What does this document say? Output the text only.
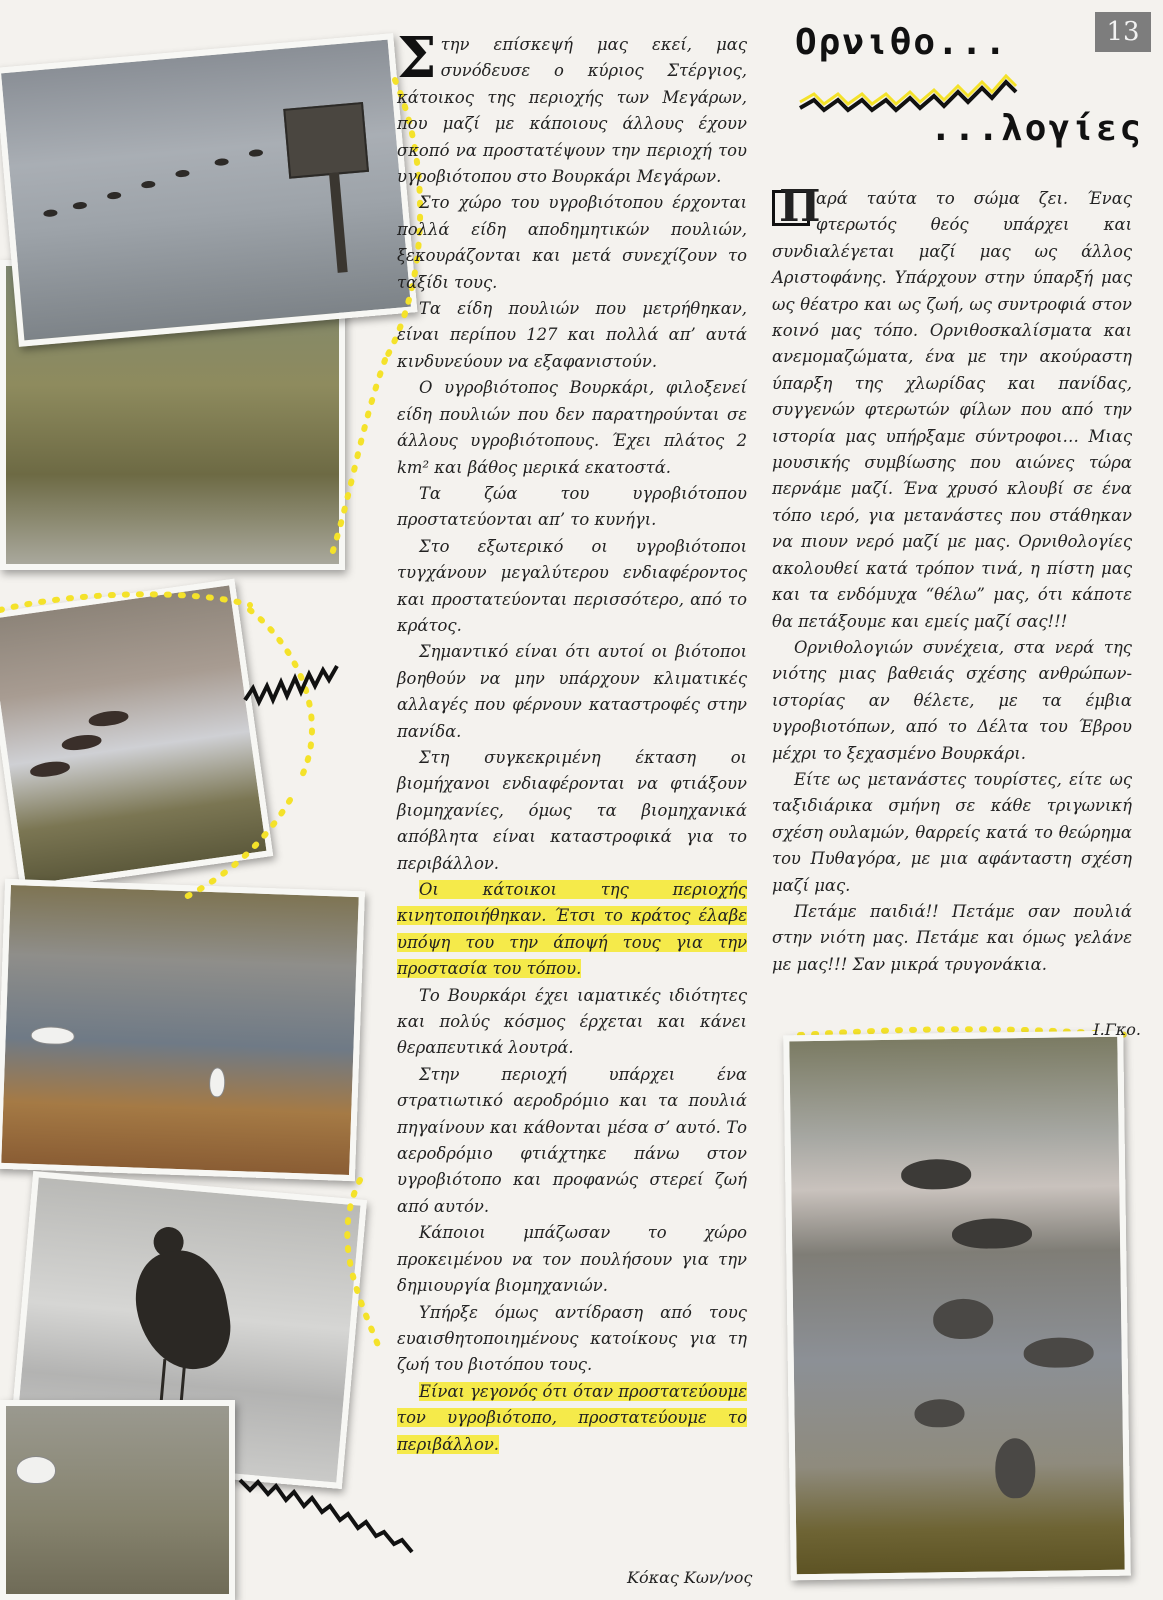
13
Ορνιθο...
...λογίες

Στην επίσκεψή μας εκεί, μας συνόδευσε ο κύριος Στέργιος, κάτοικος της περιοχής των Μεγάρων, που μαζί με κάποιους άλλους έχουν σκοπό να προστατέψουν την περιοχή του υγροβιότοπου στο Βουρκάρι Μεγάρων.

Στο χώρο του υγροβιότοπου έρχονται πολλά είδη αποδημητικών πουλιών, ξεκουράζονται και μετά συνεχίζουν το ταξίδι τους.

Τα είδη πουλιών που μετρήθηκαν, είναι περίπου 127 και πολλά απ’ αυτά κινδυνεύουν να εξαφανιστούν.

Ο υγροβιότοπος Βουρκάρι, φιλοξενεί είδη πουλιών που δεν παρατηρούνται σε άλλους υγροβιότοπους. Έχει πλάτος 2 km² και βάθος μερικά εκατοστά.

Τα ζώα του υγροβιότοπου προστατεύονται απ’ το κυνήγι.

Στο εξωτερικό οι υγροβιότοποι τυγχάνουν μεγαλύτερου ενδιαφέροντος και προστατεύονται περισσότερο, από το κράτος.

Σημαντικό είναι ότι αυτοί οι βιότοποι βοηθούν να μην υπάρχουν κλιματικές αλλαγές που φέρνουν καταστροφές στην πανίδα.

Στη συγκεκριμένη έκταση οι βιομήχανοι ενδιαφέρονται να φτιάξουν βιομηχανίες, όμως τα βιομηχανικά απόβλητα είναι καταστροφικά για το περιβάλλον.

Οι κάτοικοι της περιοχής κινητοποιήθηκαν. Έτσι το κράτος έλαβε υπόψη του την άποψή τους για την προστασία του τόπου.

Το Βουρκάρι έχει ιαματικές ιδιότητες και πολύς κόσμος έρχεται και κάνει θεραπευτικά λουτρά.

Στην περιοχή υπάρχει ένα στρατιωτικό αεροδρόμιο και τα πουλιά πηγαίνουν και κάθονται μέσα σ’ αυτό. Το αεροδρόμιο φτιάχτηκε πάνω στον υγροβιότοπο και προφανώς στερεί ζωή από αυτόν.

Κάποιοι μπάζωσαν το χώρο προκειμένου να τον πουλήσουν για την δημιουργία βιομηχανιών.

Υπήρξε όμως αντίδραση από τους ευαισθητοποιημένους κατοίκους για τη ζωή του βιοτόπου τους.

Είναι γεγονός ότι όταν προστατεύουμε τον υγροβιότοπο, προστατεύουμε το περιβάλλον.

Κόκας Κων/νος

Π
αρά ταύτα το σώμα ζει. Ένας φτερωτός θεός υπάρχει και συνδιαλέγεται μαζί μας ως άλλος Αριστοφάνης. Υπάρχουν στην ύπαρξή μας ως θέατρο και ως ζωή, ως συντροφιά στον κοινό μας τόπο. Ορνιθοσκαλίσματα και ανεμομαζώματα, ένα με την ακούραστη ύπαρξη της χλωρίδας και πανίδας, συγγενών φτερωτών φίλων που από την ιστορία μας υπήρξαμε σύντροφοι… Μιας μουσικής συμβίωσης που αιώνες τώρα περνάμε μαζί. Ένα χρυσό κλουβί σε ένα τόπο ιερό, για μετανάστες που στάθηκαν να πιουν νερό μαζί με μας. Ορνιθολογίες ακολουθεί κατά τρόπον τινά, η πίστη μας και τα ενδόμυχα “θέλω” μας, ότι κάποτε θα πετάξουμε και εμείς μαζί σας!!!

Ορνιθολογιών συνέχεια, στα νερά της νιότης μιας βαθειάς σχέσης ανθρώπων-ιστορίας αν θέλετε, με τα έμβια υγροβιοτόπων, από το Δέλτα του Έβρου μέχρι το ξεχασμένο Βουρκάρι.

Είτε ως μετανάστες τουρίστες, είτε ως ταξιδιάρικα σμήνη σε κάθε τριγωνική σχέση ουλαμών, θαρρείς κατά το θεώρημα του Πυθαγόρα, με μια αφάνταστη σχέση μαζί μας.

Πετάμε παιδιά!! Πετάμε σαν πουλιά στην νιότη μας. Πετάμε και όμως γελάνε με μας!!! Σαν μικρά τρυγονάκια.

Ι.Γκο.
